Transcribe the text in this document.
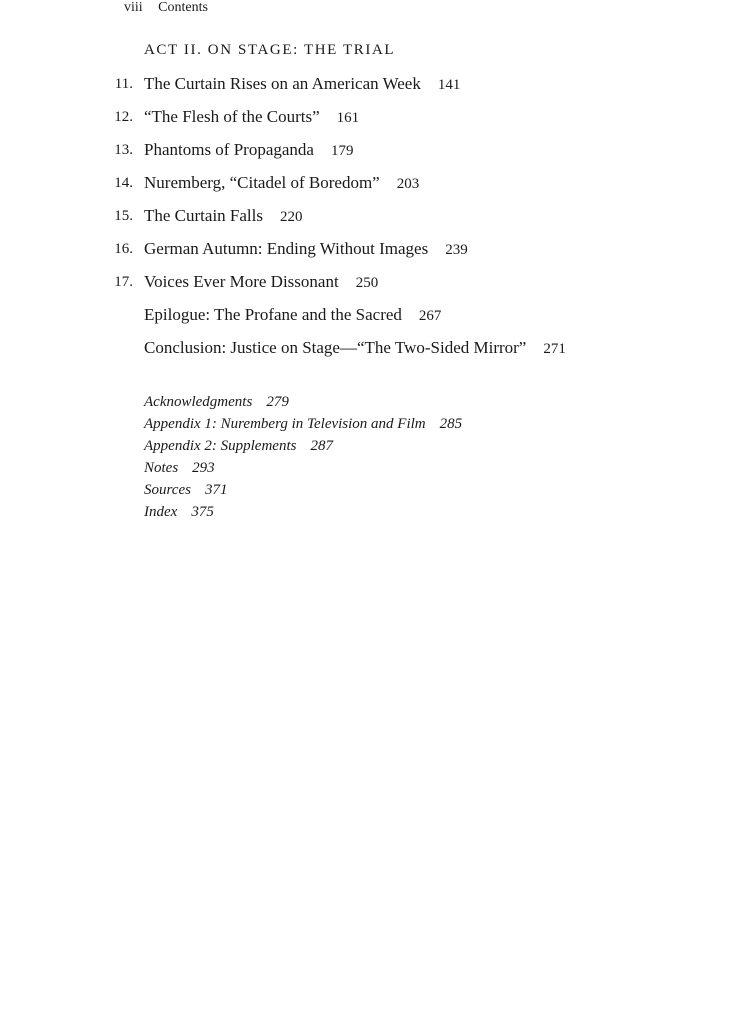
viii Contents
ACT II. ON STAGE: THE TRIAL
11. The Curtain Rises on an American Week 141
12. “The Flesh of the Courts” 161
13. Phantoms of Propaganda 179
14. Nuremberg, “Citadel of Boredom” 203
15. The Curtain Falls 220
16. German Autumn: Ending Without Images 239
17. Voices Ever More Dissonant 250
Epilogue: The Profane and the Sacred 267
Conclusion: Justice on Stage—“The Two-Sided Mirror” 271
Acknowledgments 279
Appendix 1: Nuremberg in Television and Film 285
Appendix 2: Supplements 287
Notes 293
Sources 371
Index 375
